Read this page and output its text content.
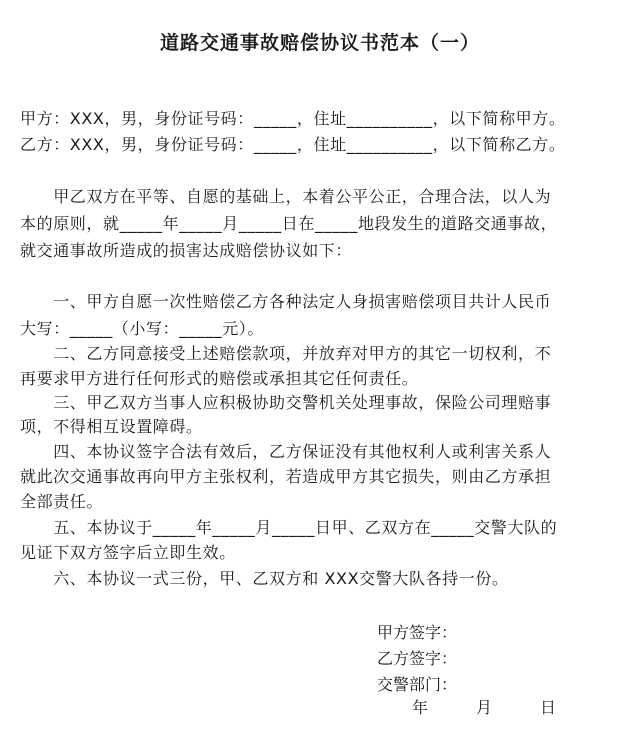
道路交通事故赔偿协议书范本（一）
甲方：XXX，男，身份证号码：_____，住址__________，以下简称甲方。
乙方：XXX，男，身份证号码：_____，住址__________，以下简称乙方。
　　甲乙双方在平等、自愿的基础上，本着公平公正，合理合法，以人为
本的原则，就_____年_____月_____日在_____地段发生的道路交通事故，
就交通事故所造成的损害达成赔偿协议如下：
　　一、甲方自愿一次性赔偿乙方各种法定人身损害赔偿项目共计人民币
大写：_____（小写：_____元）。
　　二、乙方同意接受上述赔偿款项，并放弃对甲方的其它一切权利，不
再要求甲方进行任何形式的赔偿或承担其它任何责任。
　　三、甲乙双方当事人应积极协助交警机关处理事故，保险公司理赔事
项，不得相互设置障碍。
　　四、本协议签字合法有效后，乙方保证没有其他权利人或利害关系人
就此次交通事故再向甲方主张权利，若造成甲方其它损失，则由乙方承担
全部责任。
　　五、本协议于_____年_____月_____日甲、乙双方在_____交警大队的
见证下双方签字后立即生效。
　　六、本协议一式三份，甲、乙双方和 XXX交警大队各持一份。
甲方签字：
乙方签字：
交警部门：
年　　　月　　　日
